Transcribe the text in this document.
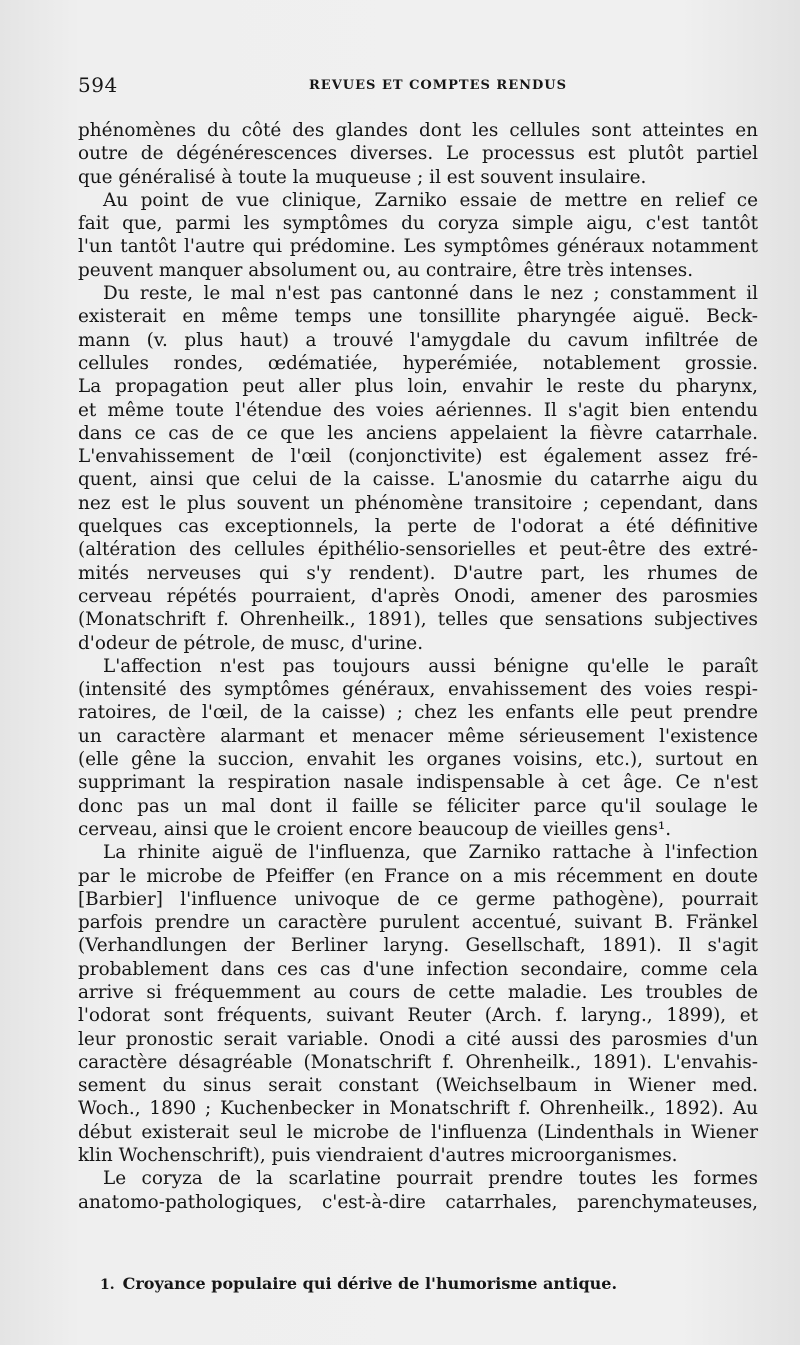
594	REVUES ET COMPTES RENDUS
phénomènes du côté des glandes dont les cellules sont atteintes en
outre de dégénérescences diverses. Le processus est plutôt partiel
que généralisé à toute la muqueuse ; il est souvent insulaire.
Au point de vue clinique, Zarniko essaie de mettre en relief ce
fait que, parmi les symptômes du coryza simple aigu, c'est tantôt
l'un tantôt l'autre qui prédomine. Les symptômes généraux notamment
peuvent manquer absolument ou, au contraire, être très intenses.
Du reste, le mal n'est pas cantonné dans le nez ; constamment il
existerait en même temps une tonsillite pharyngée aiguë. Beck-
mann (v. plus haut) a trouvé l'amygdale du cavum infiltrée de
cellules rondes, œdématiée, hyperémiée, notablement grossie.
La propagation peut aller plus loin, envahir le reste du pharynx,
et même toute l'étendue des voies aériennes. Il s'agit bien entendu
dans ce cas de ce que les anciens appelaient la fièvre catarrhale.
L'envahissement de l'œil (conjonctivite) est également assez fré-
quent, ainsi que celui de la caisse. L'anosmie du catarrhe aigu du
nez est le plus souvent un phénomène transitoire ; cependant, dans
quelques cas exceptionnels, la perte de l'odorat a été définitive
(altération des cellules épithélio-sensorielles et peut-être des extré-
mités nerveuses qui s'y rendent). D'autre part, les rhumes de
cerveau répétés pourraient, d'après Onodi, amener des parosmies
(Monatschrift f. Ohrenheilk., 1891), telles que sensations subjectives
d'odeur de pétrole, de musc, d'urine.
L'affection n'est pas toujours aussi bénigne qu'elle le paraît
(intensité des symptômes généraux, envahissement des voies respi-
ratoires, de l'œil, de la caisse) ; chez les enfants elle peut prendre
un caractère alarmant et menacer même sérieusement l'existence
(elle gêne la succion, envahit les organes voisins, etc.), surtout en
supprimant la respiration nasale indispensable à cet âge. Ce n'est
donc pas un mal dont il faille se féliciter parce qu'il soulage le
cerveau, ainsi que le croient encore beaucoup de vieilles gens¹.
La rhinite aiguë de l'influenza, que Zarniko rattache à l'infection
par le microbe de Pfeiffer (en France on a mis récemment en doute
[Barbier] l'influence univoque de ce germe pathogène), pourrait
parfois prendre un caractère purulent accentué, suivant B. Fränkel
(Verhandlungen der Berliner laryng. Gesellschaft, 1891). Il s'agit
probablement dans ces cas d'une infection secondaire, comme cela
arrive si fréquemment au cours de cette maladie. Les troubles de
l'odorat sont fréquents, suivant Reuter (Arch. f. laryng., 1899), et
leur pronostic serait variable. Onodi a cité aussi des parosmies d'un
caractère désagréable (Monatschrift f. Ohrenheilk., 1891). L'envahis-
sement du sinus serait constant (Weichselbaum in Wiener med.
Woch., 1890 ; Kuchenbecker in Monatschrift f. Ohrenheilk., 1892). Au
début existerait seul le microbe de l'influenza (Lindenthals in Wiener
klin Wochenschrift), puis viendraient d'autres microorganismes.
Le coryza de la scarlatine pourrait prendre toutes les formes
anatomo-pathologiques, c'est-à-dire catarrhales, parenchymateuses,
1. Croyance populaire qui dérive de l'humorisme antique.
